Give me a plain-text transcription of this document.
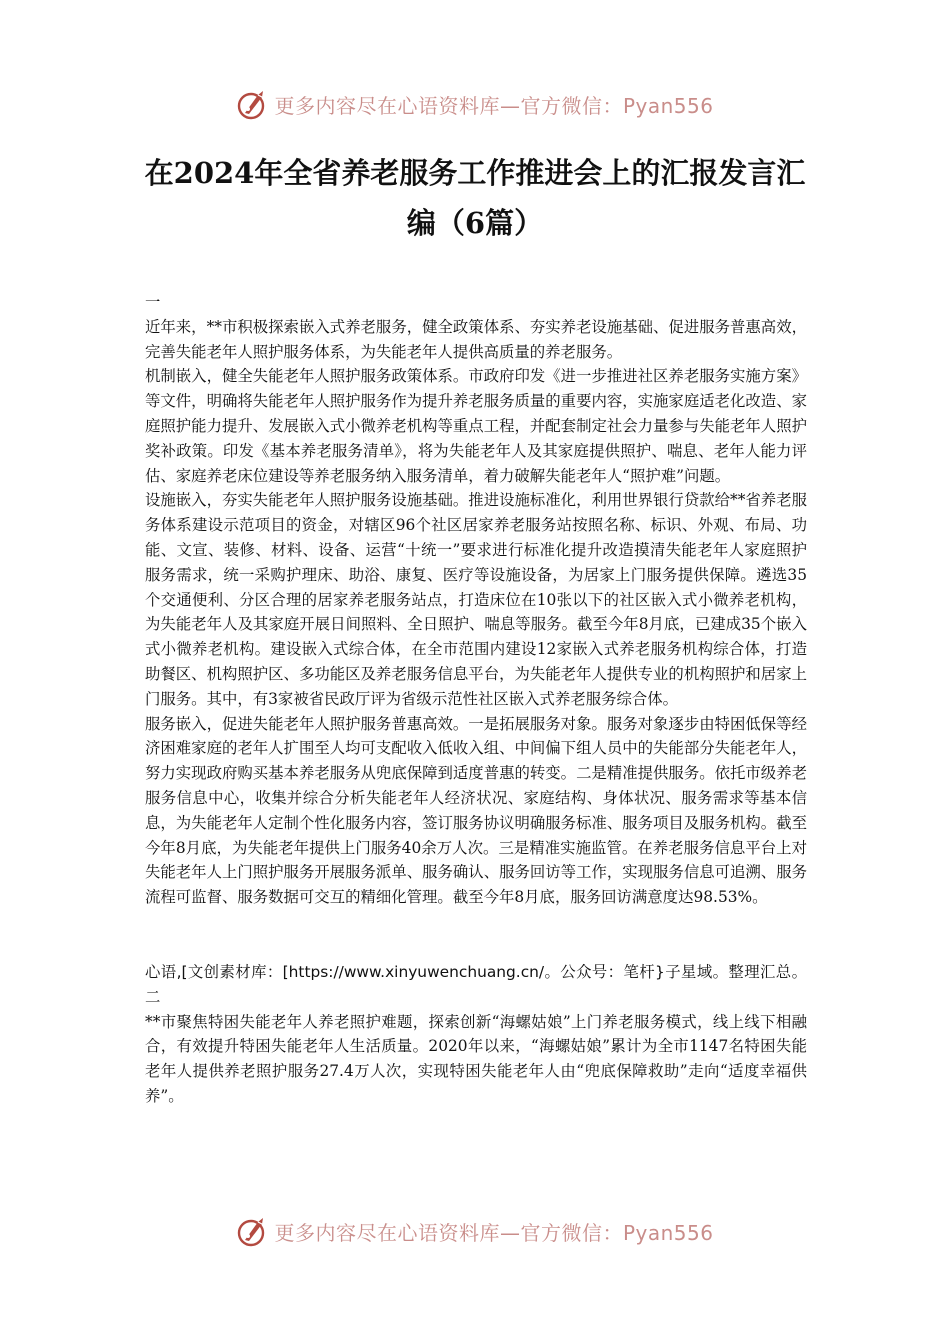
更多内容尽在心语资料库—官方微信：Pyan556
在2024年全省养老服务工作推进会上的汇报发言汇编（6篇）

一

近年来，**市积极探索嵌入式养老服务，健全政策体系、夯实养老设施基础、促进服务普惠高效，完善失能老年人照护服务体系，为失能老年人提供高质量的养老服务。

机制嵌入，健全失能老年人照护服务政策体系。市政府印发《进一步推进社区养老服务实施方案》等文件，明确将失能老年人照护服务作为提升养老服务质量的重要内容，实施家庭适老化改造、家庭照护能力提升、发展嵌入式小微养老机构等重点工程，并配套制定社会力量参与失能老年人照护奖补政策。印发《基本养老服务清单》，将为失能老年人及其家庭提供照护、喘息、老年人能力评估、家庭养老床位建设等养老服务纳入服务清单，着力破解失能老年人“照护难”问题。

设施嵌入，夯实失能老年人照护服务设施基础。推进设施标准化，利用世界银行贷款给**省养老服务体系建设示范项目的资金，对辖区96个社区居家养老服务站按照名称、标识、外观、布局、功能、文宣、装修、材料、设备、运营“十统一”要求进行标准化提升改造摸清失能老年人家庭照护服务需求，统一采购护理床、助浴、康复、医疗等设施设备，为居家上门服务提供保障。遴选35个交通便利、分区合理的居家养老服务站点，打造床位在10张以下的社区嵌入式小微养老机构，为失能老年人及其家庭开展日间照料、全日照护、喘息等服务。截至今年8月底，已建成35个嵌入式小微养老机构。建设嵌入式综合体，在全市范围内建设12家嵌入式养老服务机构综合体，打造助餐区、机构照护区、多功能区及养老服务信息平台，为失能老年人提供专业的机构照护和居家上门服务。其中，有3家被省民政厅评为省级示范性社区嵌入式养老服务综合体。

服务嵌入，促进失能老年人照护服务普惠高效。一是拓展服务对象。服务对象逐步由特困低保等经济困难家庭的老年人扩围至人均可支配收入低收入组、中间偏下组人员中的失能部分失能老年人，努力实现政府购买基本养老服务从兜底保障到适度普惠的转变。二是精准提供服务。依托市级养老服务信息中心，收集并综合分析失能老年人经济状况、家庭结构、身体状况、服务需求等基本信息，为失能老年人定制个性化服务内容，签订服务协议明确服务标准、服务项目及服务机构。截至今年8月底，为失能老年提供上门服务40余万人次。三是精准实施监管。在养老服务信息平台上对失能老年人上门照护服务开展服务派单、服务确认、服务回访等工作，实现服务信息可追溯、服务流程可监督、服务数据可交互的精细化管理。截至今年8月底，服务回访满意度达98.53%。

心语,[文创素材库：[https://www.xinyuwenchuang.cn/。公众号：笔杆}子星域。整理汇总。二

**市聚焦特困失能老年人养老照护难题，探索创新“海螺姑娘”上门养老服务模式，线上线下相融合，有效提升特困失能老年人生活质量。2020年以来，“海螺姑娘”累计为全市1147名特困失能老年人提供养老照护服务27.4万人次，实现特困失能老年人由“兜底保障救助”走向“适度幸福供养”。

更多内容尽在心语资料库—官方微信：Pyan556
